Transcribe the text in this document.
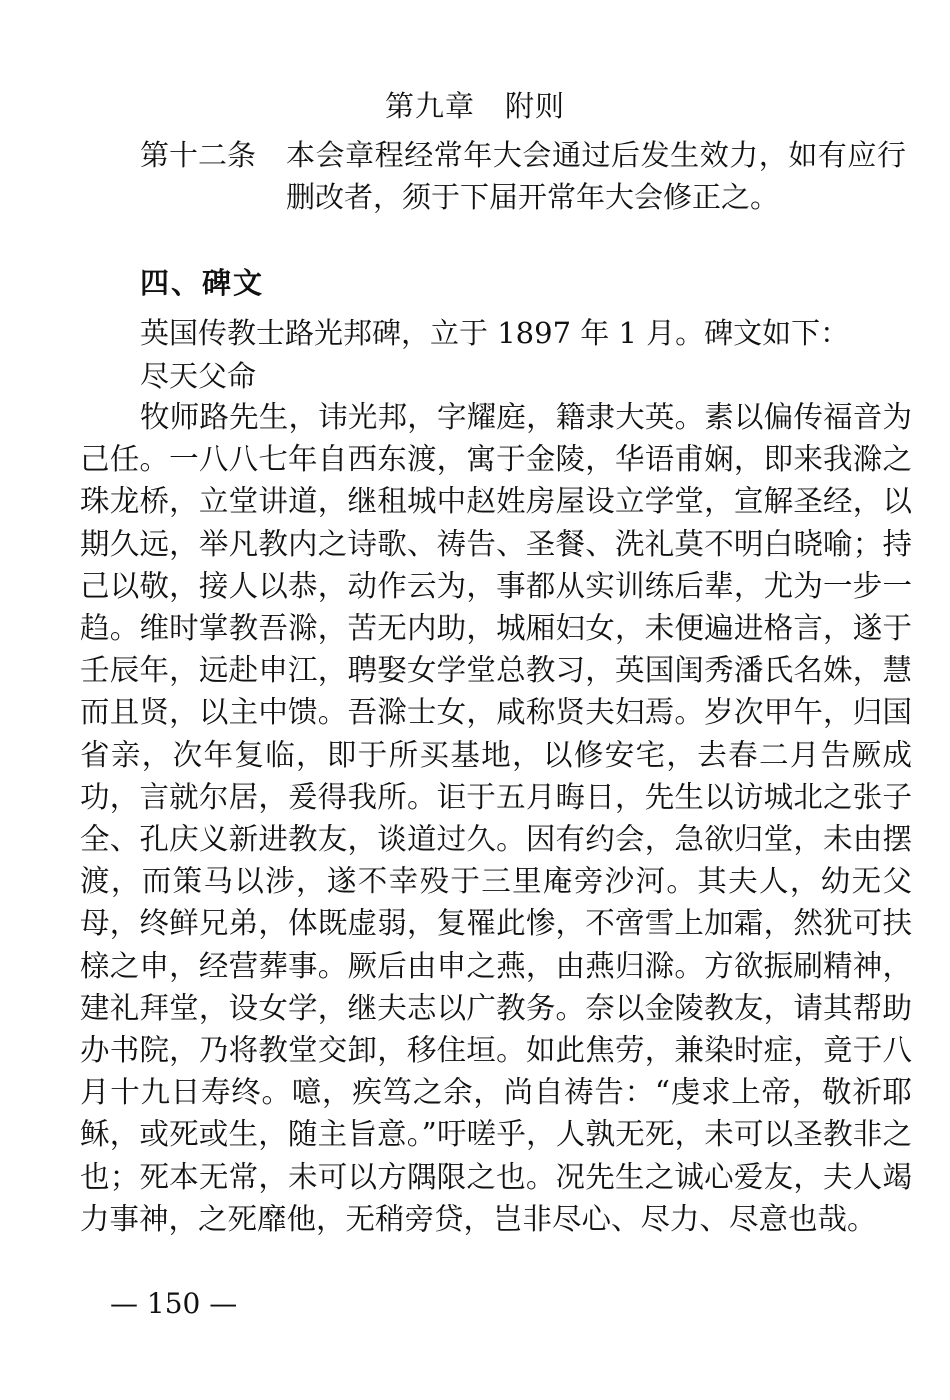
第九章　附则
第十二条 本会章程经常年大会通过后发生效力，如有应行删改者，须于下届开常年大会修正之。
四、碑文
英国传教士路光邦碑，立于 1897 年 1 月。碑文如下：
尽天父命
牧师路先生，讳光邦，字耀庭，籍隶大英。素以偏传福音为己任。一八八七年自西东渡，寓于金陵，华语甫娴，即来我滁之珠龙桥，立堂讲道，继租城中赵姓房屋设立学堂，宣解圣经，以期久远，举凡教内之诗歌、祷告、圣餐、洗礼莫不明白晓喻；持己以敬，接人以恭，动作云为，事都从实训练后辈，尤为一步一趋。维时掌教吾滁，苦无内助，城厢妇女，未便遍进格言，遂于壬辰年，远赴申江，聘娶女学堂总教习，英国闺秀潘氏名姝，慧而且贤，以主中馈。吾滁士女，咸称贤夫妇焉。岁次甲午，归国省亲，次年复临，即于所买基地，以修安宅，去春二月告厥成功，言就尔居，爰得我所。讵于五月晦日，先生以访城北之张子全、孔庆义新进教友，谈道过久。因有约会，急欲归堂，未由摆渡，而策马以涉，遂不幸殁于三里庵旁沙河。其夫人，幼无父母，终鲜兄弟，体既虚弱，复罹此惨，不啻雪上加霜，然犹可扶榇之申，经营葬事。厥后由申之燕，由燕归滁。方欲振刷精神，建礼拜堂，设女学，继夫志以广教务。奈以金陵教友，请其帮助办书院，乃将教堂交卸，移住垣。如此焦劳，兼染时症，竟于八月十九日寿终。噫，疾笃之余，尚自祷告：“虔求上帝，敬祈耶稣，或死或生，随主旨意。”吁嗟乎，人孰无死，未可以圣教非之也；死本无常，未可以方隅限之也。况先生之诚心爱友，夫人竭力事神，之死靡他，无稍旁贷，岂非尽心、尽力、尽意也哉。
— 150 —
